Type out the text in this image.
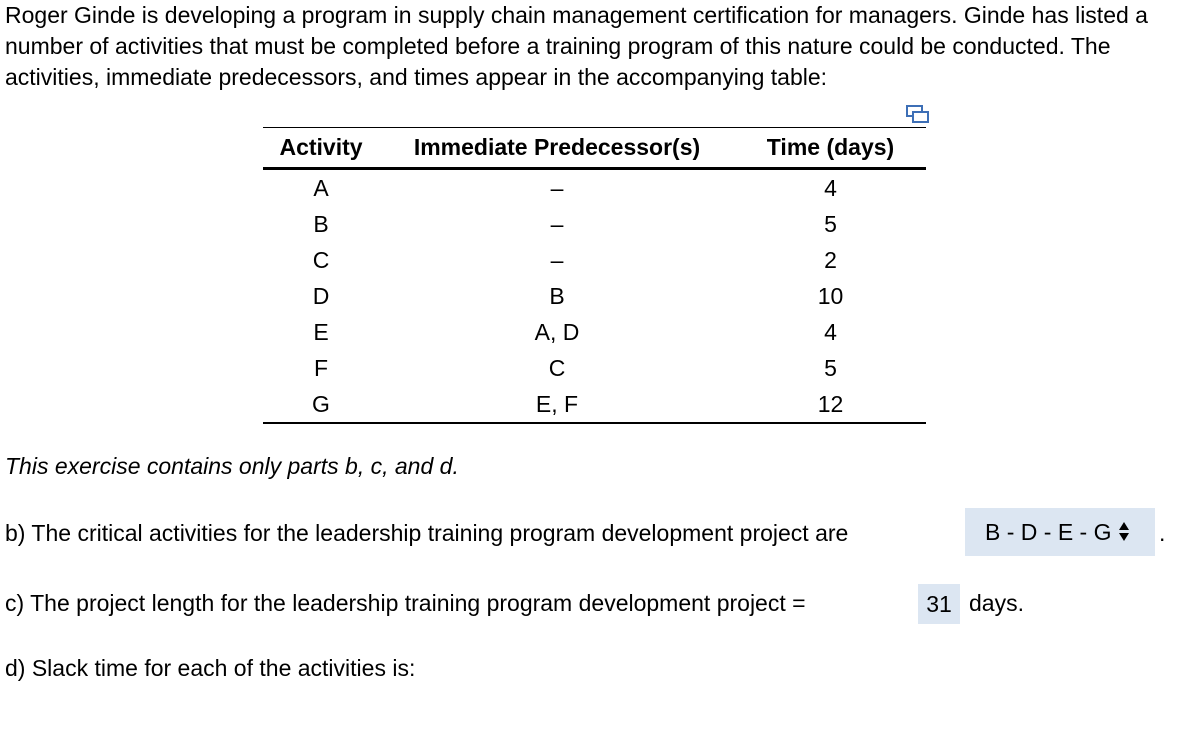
Roger Ginde is developing a program in supply chain management certification for managers. Ginde has listed a number of activities that must be completed before a training program of this nature could be conducted. The activities, immediate predecessors, and times appear in the accompanying table:
Activity	Immediate Predecessor(s)	Time (days)
A	–	4
B	–	5
C	–	2
D	B	10
E	A, D	4
F	C	5
G	E, F	12
This exercise contains only parts b, c, and d.
b) The critical activities for the leadership training program development project are	B - D - E - G .
c) The project length for the leadership training program development project =	31 days.
d) Slack time for each of the activities is:
